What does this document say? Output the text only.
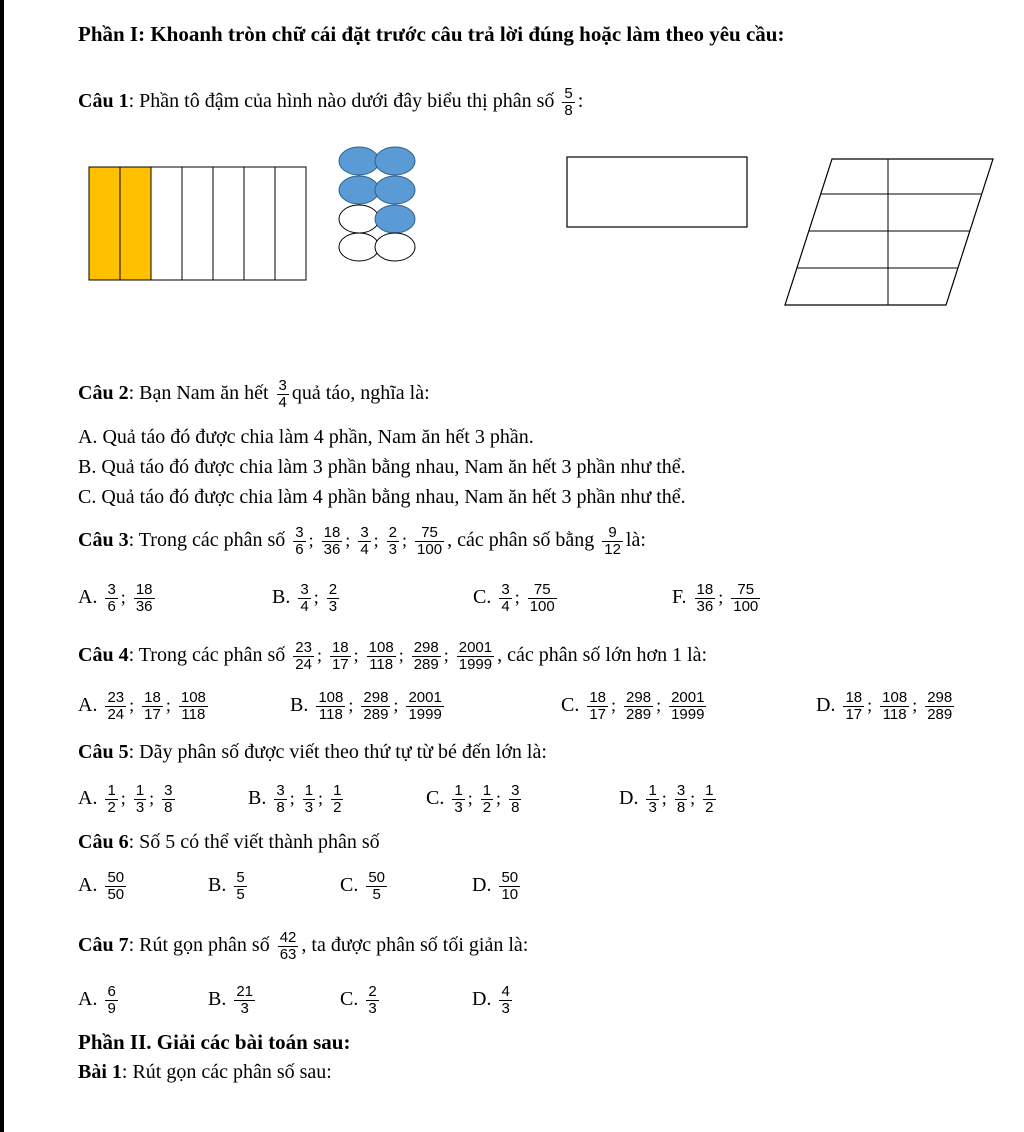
Phần I: Khoanh tròn chữ cái đặt trước câu trả lời đúng hoặc làm theo yêu cầu:
Câu 1: Phần tô đậm của hình nào dưới đây biểu thị phân số $\frac{5}{8}$ :
Câu 2: Bạn Nam ăn hết $\frac{3}{4}$ quả táo, nghĩa là:
A. Quả táo đó được chia làm 4 phần, Nam ăn hết 3 phần.
B. Quả táo đó được chia làm 3 phần bằng nhau, Nam ăn hết 3 phần như thể.
C. Quả táo đó được chia làm 4 phần bằng nhau, Nam ăn hết 3 phần như thể.
Câu 3: Trong các phân số $\frac{3}{6}$ ; $\frac{18}{36}$ ; $\frac{3}{4}$ ; $\frac{2}{3}$ ; $\frac{75}{100}$ , các phân số bằng $\frac{9}{12}$ là:
A. $\frac{3}{6}$ ; $\frac{18}{36}$	B. $\frac{3}{4}$ ; $\frac{2}{3}$	C. $\frac{3}{4}$ ; $\frac{75}{100}$	F. $\frac{18}{36}$ ; $\frac{75}{100}$
Câu 4: Trong các phân số $\frac{23}{24}$ ; $\frac{18}{17}$ ; $\frac{108}{118}$ ; $\frac{298}{289}$ ; $\frac{2001}{1999}$ , các phân số lớn hơn 1 là:
A. $\frac{23}{24}$ ; $\frac{18}{17}$ ; $\frac{108}{118}$	B. $\frac{108}{118}$ ; $\frac{298}{289}$ ; $\frac{2001}{1999}$	C. $\frac{18}{17}$ ; $\frac{298}{289}$ ; $\frac{2001}{1999}$	D. $\frac{18}{17}$ ; $\frac{108}{118}$ ; $\frac{298}{289}$
Câu 5: Dãy phân số được viết theo thứ tự từ bé đến lớn là:
A. $\frac{1}{2}$ ; $\frac{1}{3}$ ; $\frac{3}{8}$	B. $\frac{3}{8}$ ; $\frac{1}{3}$ ; $\frac{1}{2}$	C. $\frac{1}{3}$ ; $\frac{1}{2}$ ; $\frac{3}{8}$	D. $\frac{1}{3}$ ; $\frac{3}{8}$ ; $\frac{1}{2}$
Câu 6: Số 5 có thể viết thành phân số
A. $\frac{50}{50}$	B. $\frac{5}{5}$	C. $\frac{50}{5}$	D. $\frac{50}{10}$
Câu 7: Rút gọn phân số $\frac{42}{63}$ , ta được phân số tối giản là:
A. $\frac{6}{9}$	B. $\frac{21}{3}$	C. $\frac{2}{3}$	D. $\frac{4}{3}$
Phần II. Giải các bài toán sau:
Bài 1: Rút gọn các phân số sau:
